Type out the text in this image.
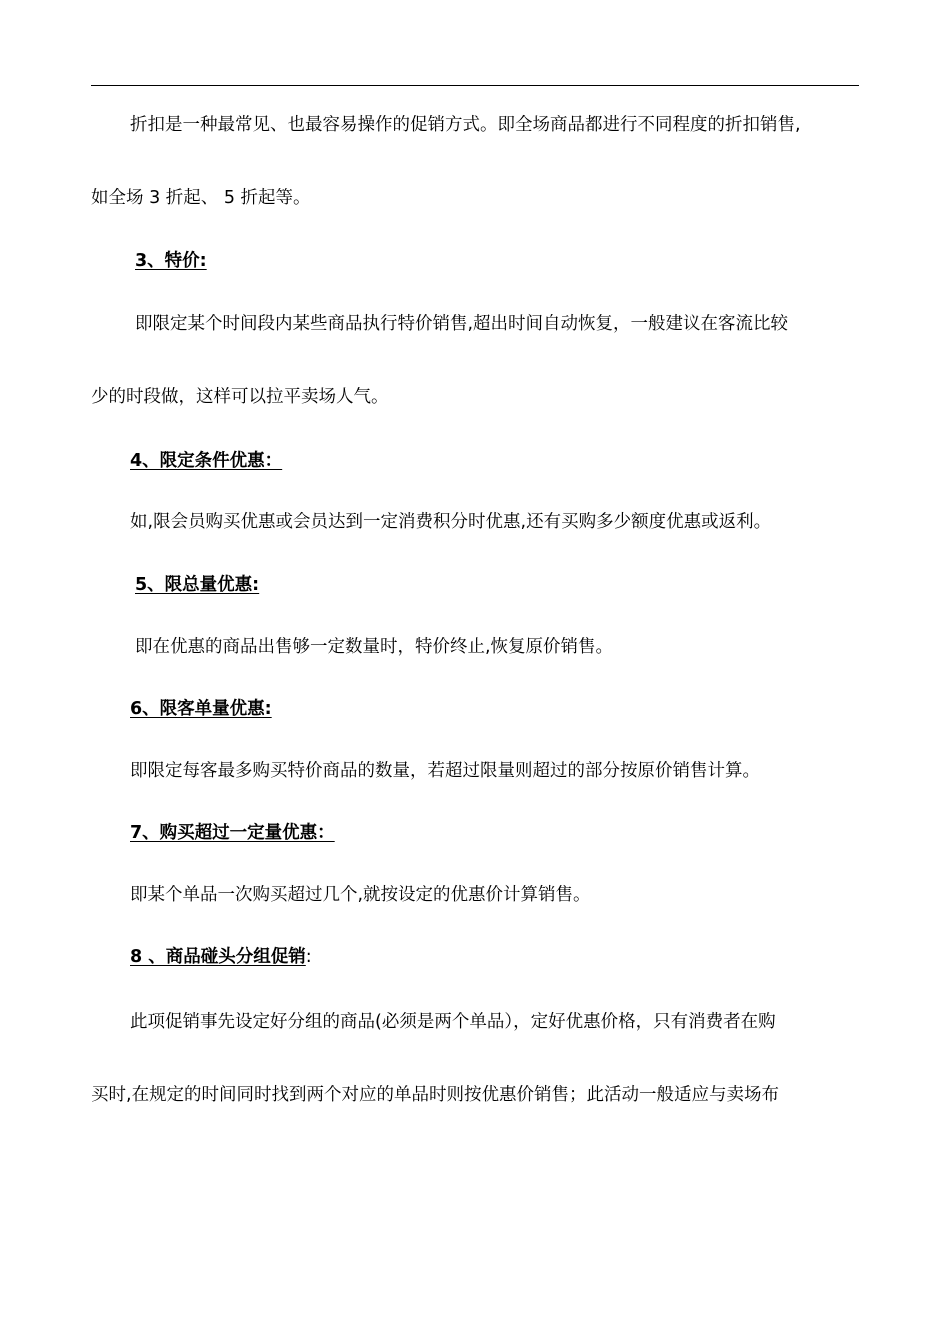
折扣是一种最常见、也最容易操作的促销方式。即全场商品都进行不同程度的折扣销售,
如全场 3 折起、 5 折起等。
3、特价:
即限定某个时间段内某些商品执行特价销售,超出时间自动恢复，一般建议在客流比较
少的时段做，这样可以拉平卖场人气。
4、限定条件优惠：
如,限会员购买优惠或会员达到一定消费积分时优惠,还有买购多少额度优惠或返利。
5、限总量优惠:
即在优惠的商品出售够一定数量时，特价终止,恢复原价销售。
6、限客单量优惠:
即限定每客最多购买特价商品的数量，若超过限量则超过的部分按原价销售计算。
7、购买超过一定量优惠：
即某个单品一次购买超过几个,就按设定的优惠价计算销售。
8 、商品碰头分组促销:
此项促销事先设定好分组的商品(必须是两个单品），定好优惠价格，只有消费者在购
买时,在规定的时间同时找到两个对应的单品时则按优惠价销售；此活动一般适应与卖场布
